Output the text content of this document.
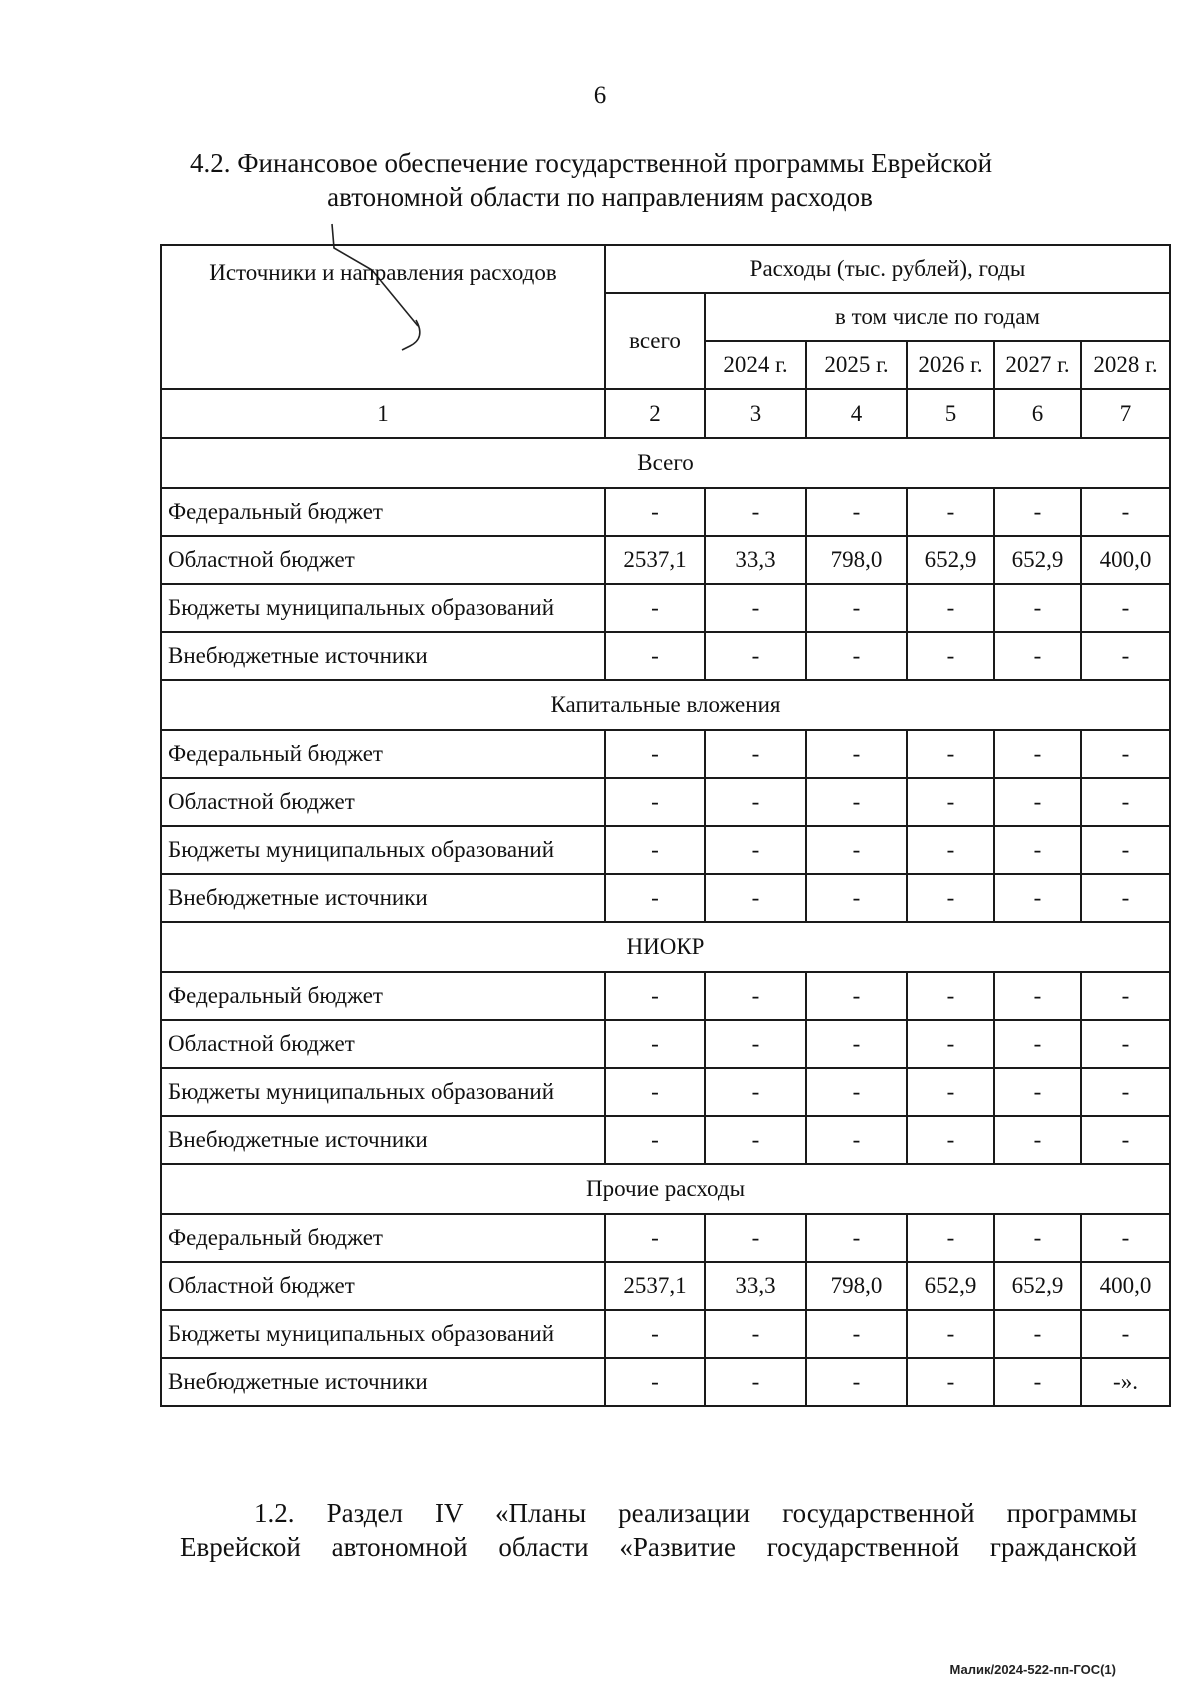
6
4.2. Финансовое обеспечение государственной программы Еврейской
автономной области по направлениям расходов
Источники и направления расходов	Расходы (тыс. рублей), годы					
	всего	в том числе по годам				
		2024 г.	2025 г.	2026 г.	2027 г.	2028 г.
1	2	3	4	5	6	7
Всего						
Федеральный бюджет	-	-	-	-	-	-
Областной бюджет	2537,1	33,3	798,0	652,9	652,9	400,0
Бюджеты муниципальных образований	-	-	-	-	-	-
Внебюджетные источники	-	-	-	-	-	-
Капитальные вложения						
Федеральный бюджет	-	-	-	-	-	-
Областной бюджет	-	-	-	-	-	-
Бюджеты муниципальных образований	-	-	-	-	-	-
Внебюджетные источники	-	-	-	-	-	-
НИОКР						
Федеральный бюджет	-	-	-	-	-	-
Областной бюджет	-	-	-	-	-	-
Бюджеты муниципальных образований	-	-	-	-	-	-
Внебюджетные источники	-	-	-	-	-	-
Прочие расходы						
Федеральный бюджет	-	-	-	-	-	-
Областной бюджет	2537,1	33,3	798,0	652,9	652,9	400,0
Бюджеты муниципальных образований	-	-	-	-	-	-
Внебюджетные источники	-	-	-	-	-	-».
1.2. Раздел IV «Планы реализации государственной программы
Еврейской автономной области «Развитие государственной гражданской
Малик/2024-522-пп-ГОС(1)
